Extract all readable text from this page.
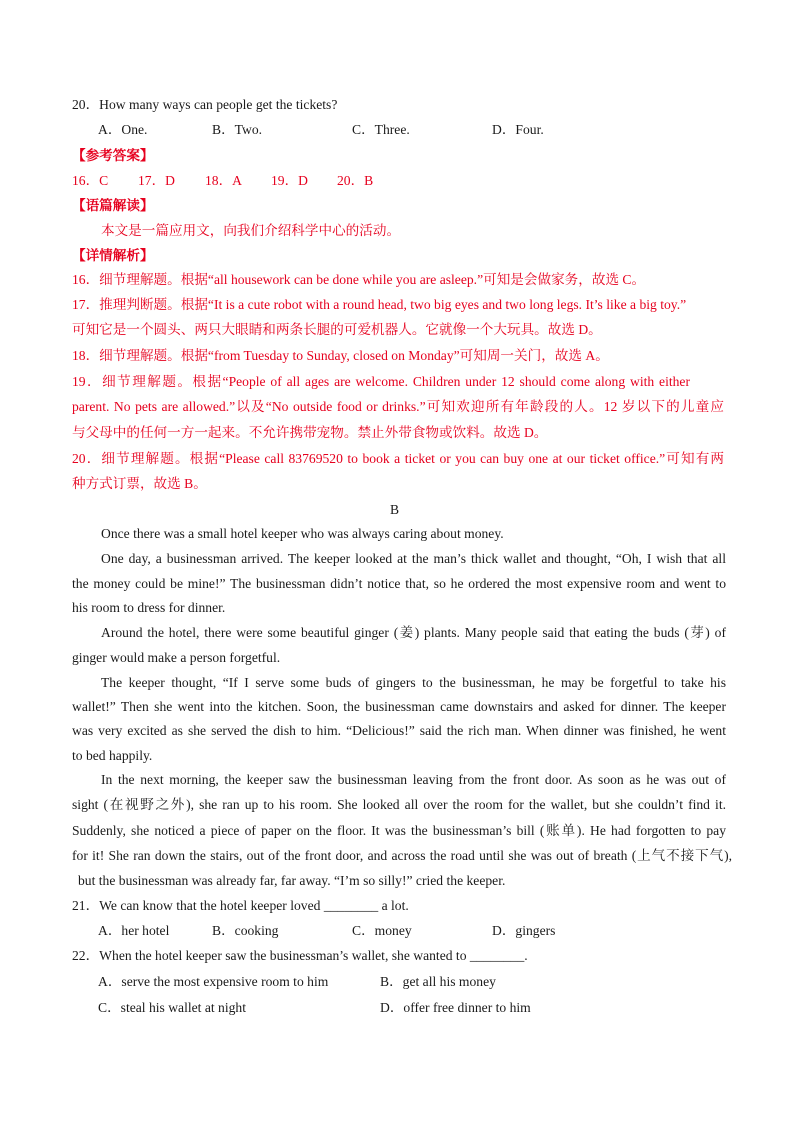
20．How many ways can people get the tickets?
A．One.	B．Two.	C．Three.	D．Four.
【参考答案】
16．C 17．D 18．A 19．D 20．B
【语篇解读】
本文是一篇应用文，向我们介绍科学中心的活动。
【详情解析】
16．细节理解题。根据“all housework can be done while you are asleep.”可知是会做家务，故选 C。
17．推理判断题。根据“It is a cute robot with a round head, two big eyes and two long legs. It’s like a big toy.”
可知它是一个圆头、两只大眼睛和两条长腿的可爱机器人。它就像一个大玩具。故选 D。
18．细节理解题。根据“from Tuesday to Sunday, closed on Monday”可知周一关门，故选 A。
19．细节理解题。根据“People of all ages are welcome. Children under 12 should come along with either
parent. No pets are allowed.”以及“No outside food or drinks.”可知欢迎所有年龄段的人。12 岁以下的儿童应
与父母中的任何一方一起来。不允许携带宠物。禁止外带食物或饮料。故选 D。
20．细节理解题。根据“Please call 83769520 to book a ticket or you can buy one at our ticket office.”可知有两
种方式订票，故选 B。
B
Once there was a small hotel keeper who was always caring about money.
One day, a businessman arrived. The keeper looked at the man’s thick wallet and thought, “Oh, I wish that all
the money could be mine!” The businessman didn’t notice that, so he ordered the most expensive room and went to
his room to dress for dinner.
Around the hotel, there were some beautiful ginger (姜) plants. Many people said that eating the buds (芽) of
ginger would make a person forgetful.
The keeper thought, “If I serve some buds of gingers to the businessman, he may be forgetful to take his
wallet!” Then she went into the kitchen. Soon, the businessman came downstairs and asked for dinner. The keeper
was very excited as she served the dish to him. “Delicious!” said the rich man. When dinner was finished, he went
to bed happily.
In the next morning, the keeper saw the businessman leaving from the front door. As soon as he was out of
sight (在视野之外), she ran up to his room. She looked all over the room for the wallet, but she couldn’t find it.
Suddenly, she noticed a piece of paper on the floor. It was the businessman’s bill (账单). He had forgotten to pay
for it! She ran down the stairs, out of the front door, and across the road until she was out of breath (上气不接下气),
but the businessman was already far, far away. “I’m so silly!” cried the keeper.
21．We can know that the hotel keeper loved ________ a lot.
A．her hotel	B．cooking	C．money	D．gingers
22．When the hotel keeper saw the businessman’s wallet, she wanted to ________.
A．serve the most expensive room to him	B．get all his money
C．steal his wallet at night	D．offer free dinner to him
